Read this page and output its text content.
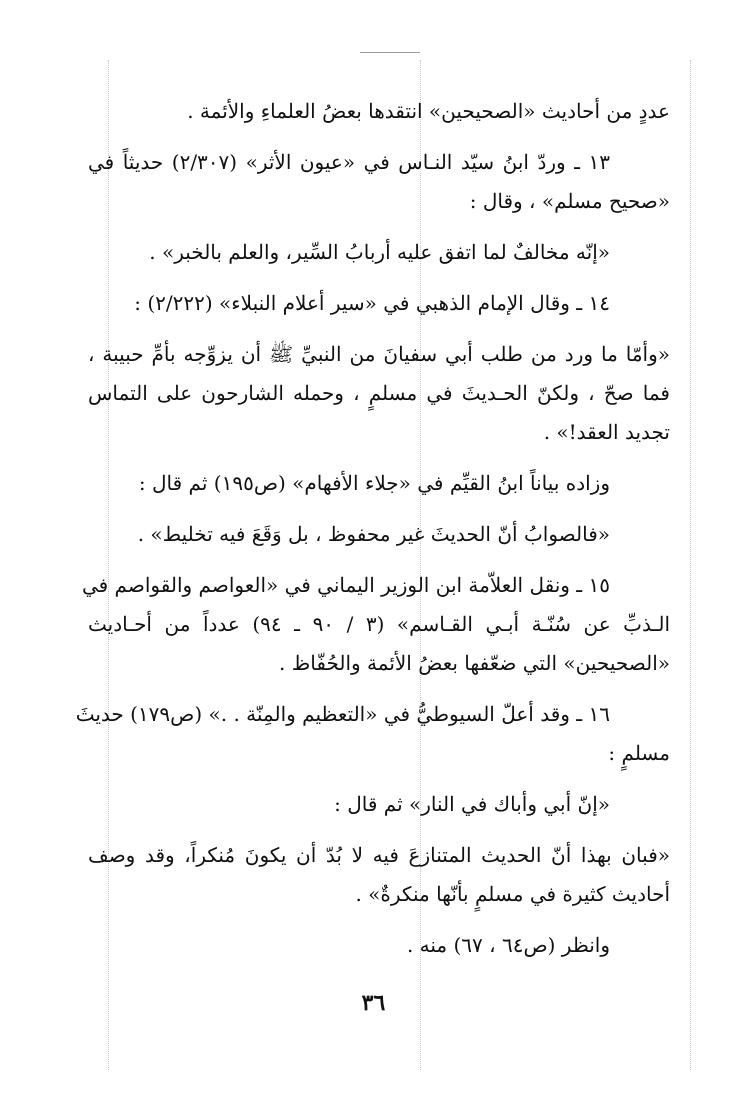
عددٍ من أحاديث «الصحيحين» انتقدها بعضُ العلماءِ والأئمة .
١٣ ـ وردّ ابنُ سيّد النـاس في «عيون الأثر» (٢/٣٠٧) حديثاً في
«صحيح مسلم» ، وقال :
«إنّه مخالفٌ لما اتفق عليه أربابُ السِّير، والعلم بالخبر» .
١٤ ـ وقال الإمام الذهبي في «سير أعلام النبلاء» (٢/٢٢٢) :
«وأمّا ما ورد من طلب أبي سفيانَ من النبيِّ ﷺ أن يزوِّجه بأمِّ حبيبة ،
فما صحّ ، ولكنّ الحـديثَ في مسلمٍ ، وحمله الشارحون على التماس
تجديد العقد!» .
وزاده بياناً ابنُ القيِّم في «جلاء الأفهام» (ص١٩٥) ثم قال :
«فالصوابُ أنّ الحديثَ غير محفوظ ، بل وَقَعَ فيه تخليط» .
١٥ ـ ونقل العلاّمة ابن الوزير اليماني في «العواصم والقواصم في
الـذبِّ عن سُنّـة أبـي القـاسم» (٣ / ٩٠ ـ ٩٤) عدداً من أحـاديث
«الصحيحين» التي ضعّفها بعضُ الأئمة والحُفّاظ .
١٦ ـ وقد أعلّ السيوطيُّ في «التعظيم والمِنّة . .» (ص١٧٩) حديثَ
مسلمٍ :
«إنّ أبي وأباك في النار» ثم قال :
«فبان بهذا أنّ الحديث المتنازعَ فيه لا بُدّ أن يكونَ مُنكراً، وقد وصف
أحاديث كثيرة في مسلمٍ بأنّها منكرةٌ» .
وانظر (ص٦٤ ، ٦٧) منه .
٣٦
